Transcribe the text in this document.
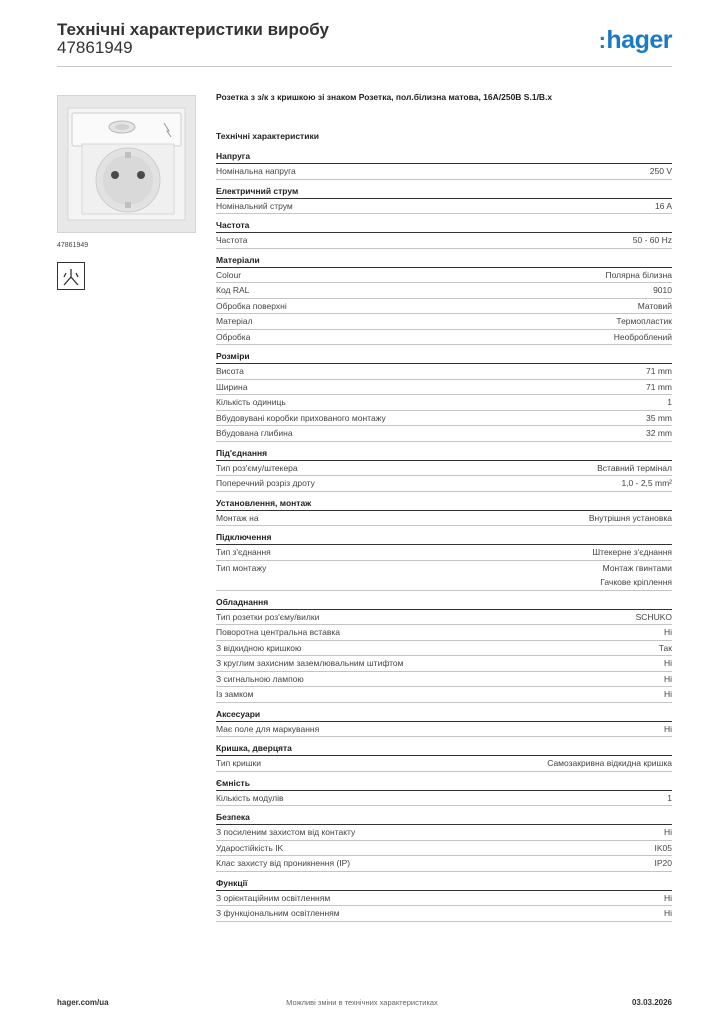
Технічні характеристики виробу
47861949	:hager
47861949
Розетка з з/к з кришкою зі знаком Розетка, пол.білизна матова, 16А/250В S.1/B.x
Технічні характеристики
Напруга
Номінальна напруга	250 V
Електричний струм
Номінальний струм	16 A
Частота
Частота	50 - 60 Hz
Матеріали
Colour	Полярна білизна
Код RAL	9010
Обробка поверхні	Матовий
Матеріал	Термопластик
Обробка	Необроблений
Розміри
Висота	71 mm
Ширина	71 mm
Кількість одиниць	1
Вбудовувані коробки прихованого монтажу	35 mm
Вбудована глибина	32 mm
Під'єднання
Тип роз'єму/штекера	Вставний термінал
Поперечний розріз дроту	1,0 - 2,5 mm²
Установлення, монтаж
Монтаж на	Внутрішня установка
Підключення
Тип з'єднання	Штекерне з'єднання
Тип монтажу	Монтаж гвинтами
Гачкове кріплення
Обладнання
Тип розетки роз'єму/вилки	SCHUKO
Поворотна центральна вставка	Ні
З відкидною кришкою	Так
З круглим захисним заземлювальним штифтом	Ні
З сигнальною лампою	Ні
Із замком	Ні
Аксесуари
Має поле для маркування	Ні
Кришка, дверцята
Тип кришки	Самозакривна відкидна кришка
Ємність
Кількість модулів	1
Безпека
З посиленим захистом від контакту	Ні
Ударостійкість IK	IK05
Клас захисту від проникнення (IP)	IP20
Функції
З орієнтаційним освітленням	Ні
З функціональним освітленням	Ні
hager.com/ua	Можливі зміни в технічних характеристиках	03.03.2026
